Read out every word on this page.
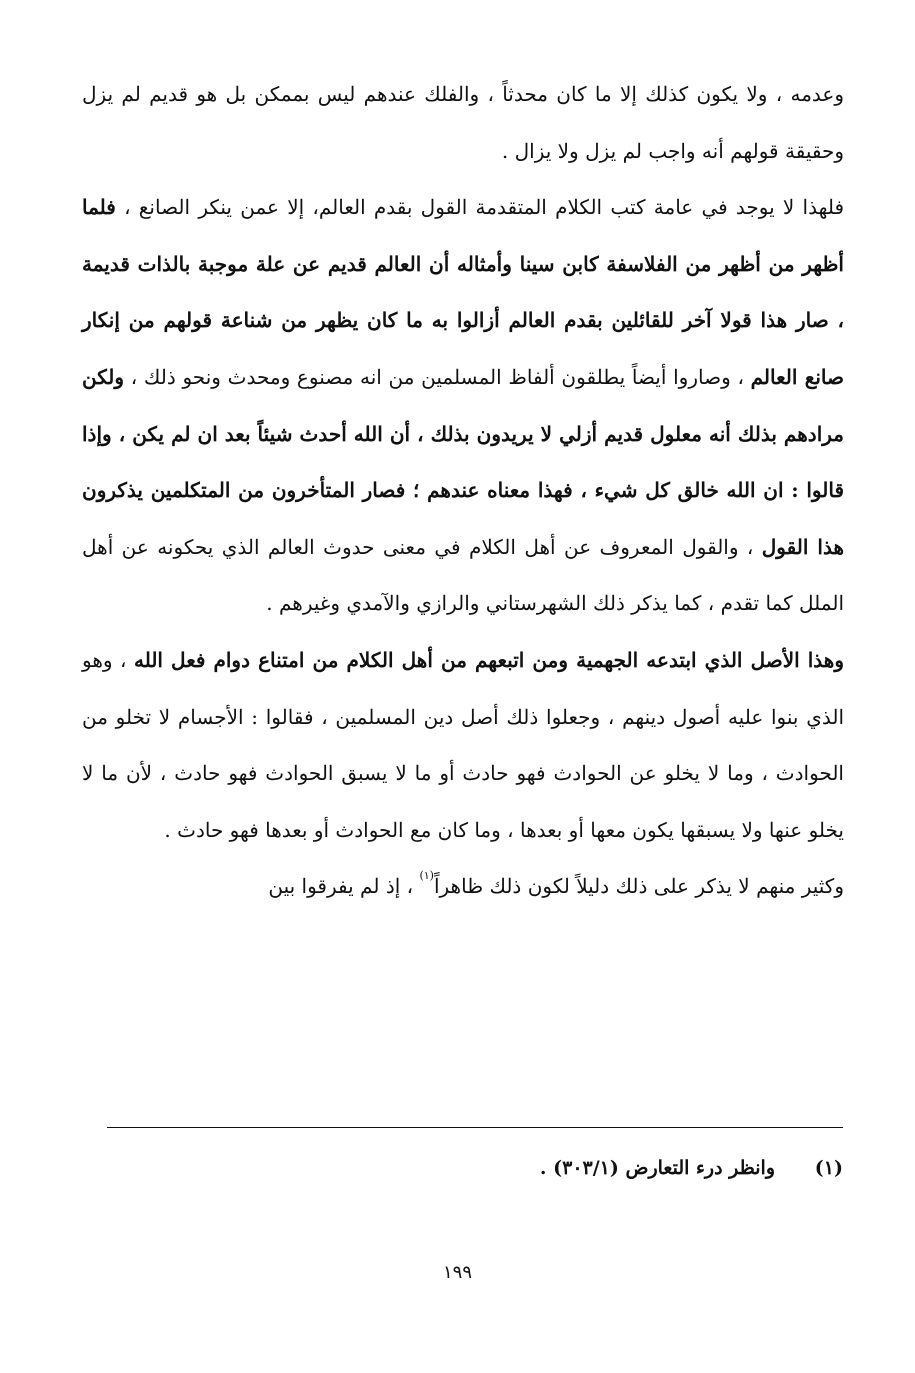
وعدمه ، ولا يكون كذلك إلا ما كان محدثاً ، والفلك عندهم ليس بممكن بل هو قديم لم يزل وحقيقة قولهم أنه واجب لم يزل ولا يزال .

فلهذا لا يوجد في عامة كتب الكلام المتقدمة القول بقدم العالم، إلا عمن ينكر الصانع ، فلما أظهر من أظهر من الفلاسفة كابن سينا وأمثاله أن العالم قديم عن علة موجبة بالذات قديمة ، صار هذا قولا آخر للقائلين بقدم العالم أزالوا به ما كان يظهر من شناعة قولهم من إنكار صانع العالم ، وصاروا أيضاً يطلقون ألفاظ المسلمين من انه مصنوع ومحدث ونحو ذلك ، ولكن مرادهم بذلك أنه معلول قديم أزلي لا يريدون بذلك ، أن الله أحدث شيئاً بعد ان لم يكن ، وإذا قالوا : ان الله خالق كل شيء ، فهذا معناه عندهم ؛ فصار المتأخرون من المتكلمين يذكرون هذا القول ، والقول المعروف عن أهل الكلام في معنى حدوث العالم الذي يحكونه عن أهل الملل كما تقدم ، كما يذكر ذلك الشهرستاني والرازي والآمدي وغيرهم .

وهذا الأصل الذي ابتدعه الجهمية ومن اتبعهم من أهل الكلام من امتناع دوام فعل الله ، وهو الذي بنوا عليه أصول دينهم ، وجعلوا ذلك أصل دين المسلمين ، فقالوا : الأجسام لا تخلو من الحوادث ، وما لا يخلو عن الحوادث فهو حادث أو ما لا يسبق الحوادث فهو حادث ، لأن ما لا يخلو عنها ولا يسبقها يكون معها أو بعدها ، وما كان مع الحوادث أو بعدها فهو حادث .

وكثير منهم لا يذكر على ذلك دليلاً لكون ذلك ظاهراً$^{(١)}$ ، إذ لم يفرقوا بين

(١)وانظر درء التعارض (٣٠٣/١) .
١٩٩
